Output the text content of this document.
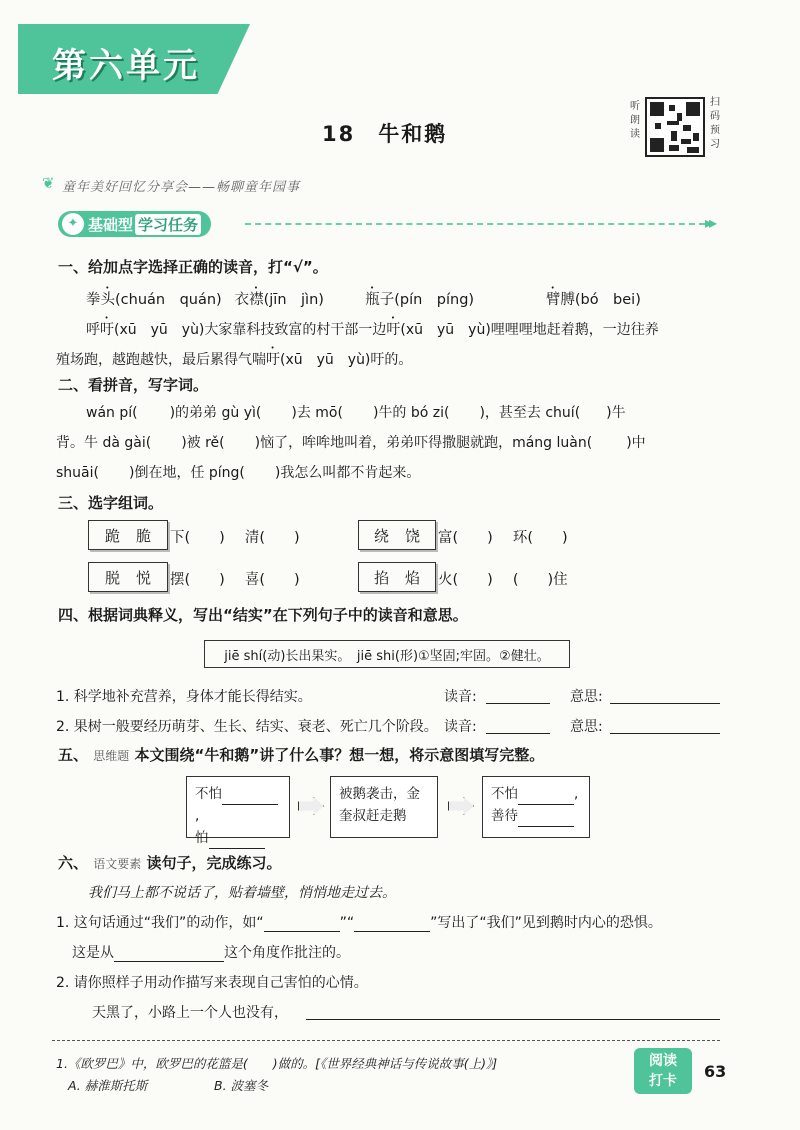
第六单元
18　牛和鹅
听朗读
扫码预习
❦ 童年美好回忆分享会——畅聊童年园事
✦ 基础型 学习任务	▸▸
一、给加点字选择正确的读音，打“√”。
拳头(chuán　quán) 衣襟(jīn　jìn)	瓶子(pín　píng)	臂膊(bó　bei)
呼吁(xū　yū　yù)大家靠科技致富的村干部一边吁(xū　yū　yù)哩哩哩地赶着鹅，一边往养
殖场跑，越跑越快，最后累得气喘吁(xū　yū　yù)吁的。
二、看拼音，写字词。
wán pí( )的弟弟 gù yì( )去 mō( )牛的 bó zi( )，甚至去 chuí( )牛
背。牛 dà gài( )被 rě( )恼了，哞哞地叫着，弟弟吓得撒腿就跑，máng luàn( )中
shuāi( )倒在地，任 píng( )我怎么叫都不肯起来。
三、选字组词。
跪 脆 下(　　) 清(　　)	绕 饶 富(　　) 环(　　)
脱 悦 摆(　　) 喜(　　)	掐 焰 火(　　) (　　)住
四、根据词典释义，写出“结实”在下列句子中的读音和意思。
jiē shí(动)长出果实。　jiē shi(形)①坚固;牢固。②健壮。
1. 科学地补充营养，身体才能长得结实。	读音:	意思:
2. 果树一般要经历萌芽、生长、结实、衰老、死亡几个阶段。 读音:	意思:
五、 思维题 本文围绕“牛和鹅”讲了什么事？想一想，将示意图填写完整。
不怕,
怕
被鹅袭击，金
奎叔赶走鹅
不怕	,
善待
六、 语文要素 读句子，完成练习。
我们马上都不说话了，贴着墙壁，悄悄地走过去。
1. 这句话通过“我们”的动作，如“	”“	”写出了“我们”见到鹅时内心的恐惧。
这是从	这个角度作批注的。
2. 请你照样子用动作描写来表现自己害怕的心情。
天黑了，小路上一个人也没有，
1.《欧罗巴》中，欧罗巴的花篮是(　　)做的。[《世界经典神话与传说故事(上)》]
A. 赫淮斯托斯	B. 波塞冬
阅读
打卡	63
